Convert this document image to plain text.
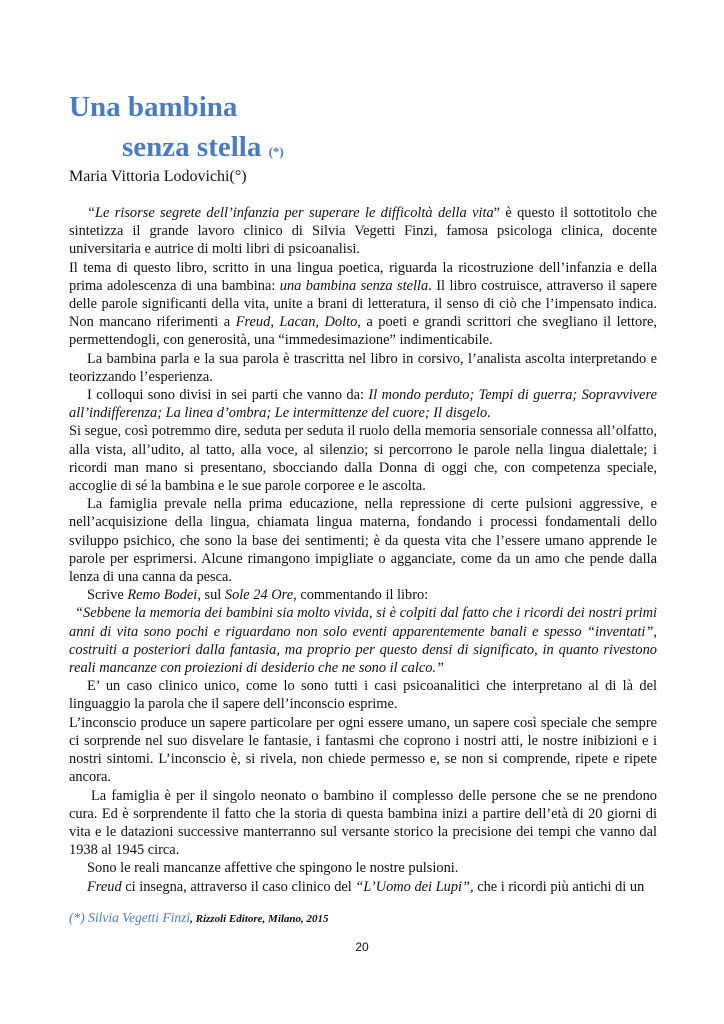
Una bambina
senza stella (*)

Maria Vittoria Lodovichi(°)

“Le risorse segrete dell’infanzia per superare le difficoltà della vita” è questo il sottotitolo che sintetizza il grande lavoro clinico di Silvia Vegetti Finzi, famosa psicologa clinica, docente universitaria e autrice di molti libri di psicoanalisi.

Il tema di questo libro, scritto in una lingua poetica, riguarda la ricostruzione dell’infanzia e della prima adolescenza di una bambina: una bambina senza stella. Il libro costruisce, attraverso il sapere delle parole significanti della vita, unite a brani di letteratura, il senso di ciò che l’impensato indica. Non mancano riferimenti a Freud, Lacan, Dolto, a poeti e grandi scrittori che svegliano il lettore, permettendogli, con generosità, una “immedesimazione” indimenticabile.

La bambina parla e la sua parola è trascritta nel libro in corsivo, l’analista ascolta interpretando e teorizzando l’esperienza.

I colloqui sono divisi in sei parti che vanno da: Il mondo perduto; Tempi di guerra; Sopravvivere all’indifferenza; La linea d’ombra; Le intermittenze del cuore; Il disgelo.

Si segue, così potremmo dire, seduta per seduta il ruolo della memoria sensoriale connessa all’olfatto, alla vista, all’udito, al tatto, alla voce, al silenzio; si percorrono le parole nella lingua dialettale; i ricordi man mano si presentano, sbocciando dalla Donna di oggi che, con competenza speciale, accoglie di sé la bambina e le sue parole corporee e le ascolta.

La famiglia prevale nella prima educazione, nella repressione di certe pulsioni aggressive, e nell’acquisizione della lingua, chiamata lingua materna, fondando i processi fondamentali dello sviluppo psichico, che sono la base dei sentimenti; è da questa vita che l’essere umano apprende le parole per esprimersi. Alcune rimangono impigliate o agganciate, come da un amo che pende dalla lenza di una canna da pesca.

Scrive Remo Bodei, sul Sole 24 Ore, commentando il libro:

“Sebbene la memoria dei bambini sia molto vivida, si è colpiti dal fatto che i ricordi dei nostri primi anni di vita sono pochi e riguardano non solo eventi apparentemente banali e spesso “inventati”, costruiti a posteriori dalla fantasia, ma proprio per questo densi di significato, in quanto rivestono reali mancanze con proiezioni di desiderio che ne sono il calco.”

E’ un caso clinico unico, come lo sono tutti i casi psicoanalitici che interpretano al di là del linguaggio la parola che il sapere dell’inconscio esprime.

L’inconscio produce un sapere particolare per ogni essere umano, un sapere così speciale che sempre ci sorprende nel suo disvelare le fantasie, i fantasmi che coprono i nostri atti, le nostre inibizioni e i nostri sintomi. L’inconscio è, si rivela, non chiede permesso e, se non si comprende, ripete e ripete ancora.

La famiglia è per il singolo neonato o bambino il complesso delle persone che se ne prendono cura. Ed è sorprendente il fatto che la storia di questa bambina inizi a partire dell’età di 20 giorni di vita e le datazioni successive manterranno sul versante storico la precisione dei tempi che vanno dal 1938 al 1945 circa.

Sono le reali mancanze affettive che spingono le nostre pulsioni.

Freud ci insegna, attraverso il caso clinico del “L’Uomo dei Lupi”, che i ricordi più antichi di un

(*) Silvia Vegetti Finzi, Rizzoli Editore, Milano, 2015
20
